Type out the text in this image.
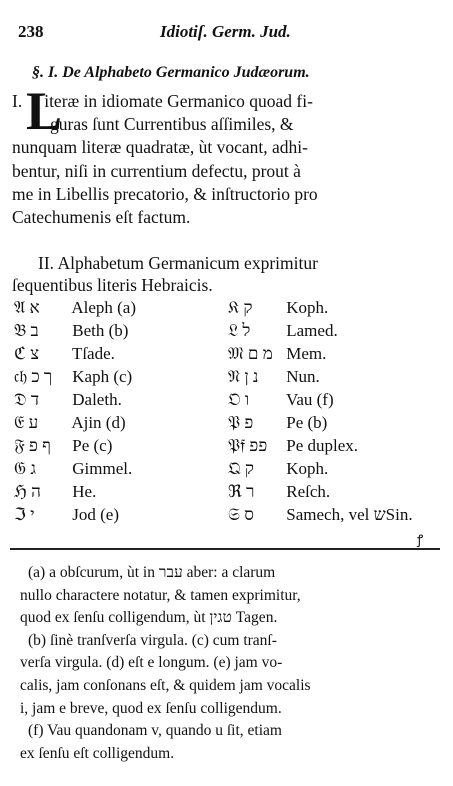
238	Idiotiſ. Germ. Jud.
§. I. De Alphabeto Germanico Judæorum.
I. iteræ in idiomate Germanico quoad fi-
guras ſunt Currentibus aſſimiles, &
nunquam literæ quadratæ, ùt vocant, adhi-
bentur, niſi in currentium defectu, prout à
me in Libellis precatorio, & inſtructorio pro
Catechumenis eſt factum.
L
II. Alphabetum Germanicum exprimitur
ſequentibus literis Hebraicis.
𝔄 א Aleph (a)	𝔎 ק Koph.
𝔅 ב Beth (b)	𝔏 ל Lamed.
ℭ צ Tſade.	𝔐 מ ם Mem.
𝔠𝔥 ך כ Kaph (c)	𝔑 נ ן Nun.
𝔇 ד Daleth.	𝔒 ו Vau (f)
𝔈 ע Ajin (d)	𝔓 פ Pe (b)
𝔉 ף פ Pe (c)	𝔓𝔣 פפ Pe duplex.
𝔊 ג Gimmel.	𝔔 ק Koph.
ℌ ה He.	ℜ ר Reſch.
ℑ י Jod (e)	𝔖 ס Samech, vel שSin.
ꝭ
(a) a obſcurum, ùt in עבר aber: a clarum
nullo charactere notatur, & tamen exprimitur,
quod ex ſenſu colligendum, ùt טגין Tagen.
(b) ſinè tranſverſa virgula. (c) cum tranſ-
verſa virgula. (d) eſt e longum. (e) jam vo-
calis, jam conſonans eſt, & quidem jam vocalis
i, jam e breve, quod ex ſenſu colligendum.
(f) Vau quandonam v, quando u ſit, etiam
ex ſenſu eſt colligendum.
